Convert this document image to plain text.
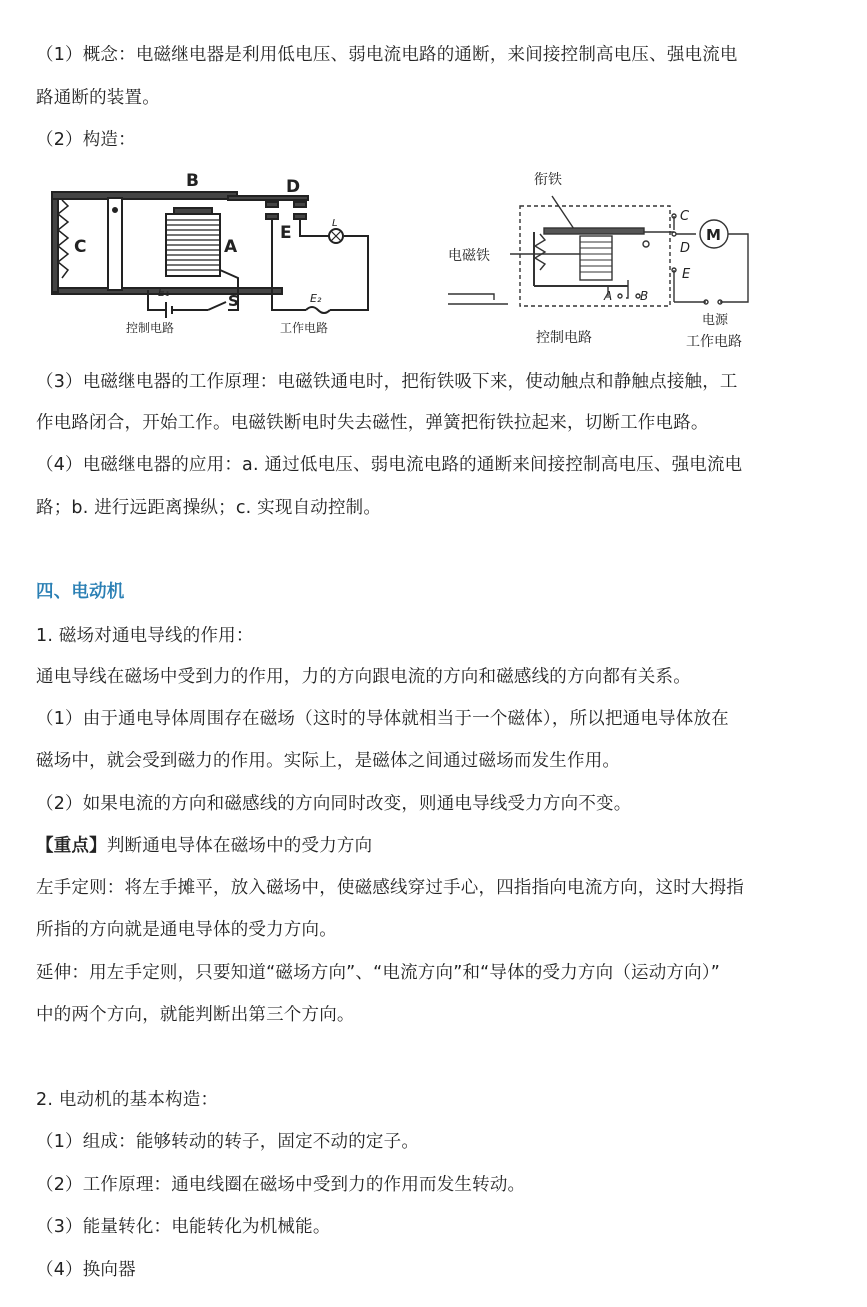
（1）概念：电磁继电器是利用低电压、弱电流电路的通断，来间接控制高电压、强电流电
路通断的装置。
（2）构造：
B
C	A
D
E
S
E₁	E₂
L
控制电路	工作电路
衔铁
电磁铁
C
D
E
M
A B
电源
控制电路	工作电路
（3）电磁继电器的工作原理：电磁铁通电时，把衔铁吸下来，使动触点和静触点接触，工
作电路闭合，开始工作。电磁铁断电时失去磁性，弹簧把衔铁拉起来，切断工作电路。
（4）电磁继电器的应用：a. 通过低电压、弱电流电路的通断来间接控制高电压、强电流电
路；b. 进行远距离操纵；c. 实现自动控制。
四、电动机
1. 磁场对通电导线的作用：
通电导线在磁场中受到力的作用，力的方向跟电流的方向和磁感线的方向都有关系。
（1）由于通电导体周围存在磁场（这时的导体就相当于一个磁体），所以把通电导体放在
磁场中，就会受到磁力的作用。实际上，是磁体之间通过磁场而发生作用。
（2）如果电流的方向和磁感线的方向同时改变，则通电导线受力方向不变。
【重点】判断通电导体在磁场中的受力方向
左手定则：将左手摊平，放入磁场中，使磁感线穿过手心，四指指向电流方向，这时大拇指
所指的方向就是通电导体的受力方向。
延伸：用左手定则，只要知道“磁场方向”、“电流方向”和“导体的受力方向（运动方向）”
中的两个方向，就能判断出第三个方向。
2. 电动机的基本构造：
（1）组成：能够转动的转子，固定不动的定子。
（2）工作原理：通电线圈在磁场中受到力的作用而发生转动。
（3）能量转化：电能转化为机械能。
（4）换向器
